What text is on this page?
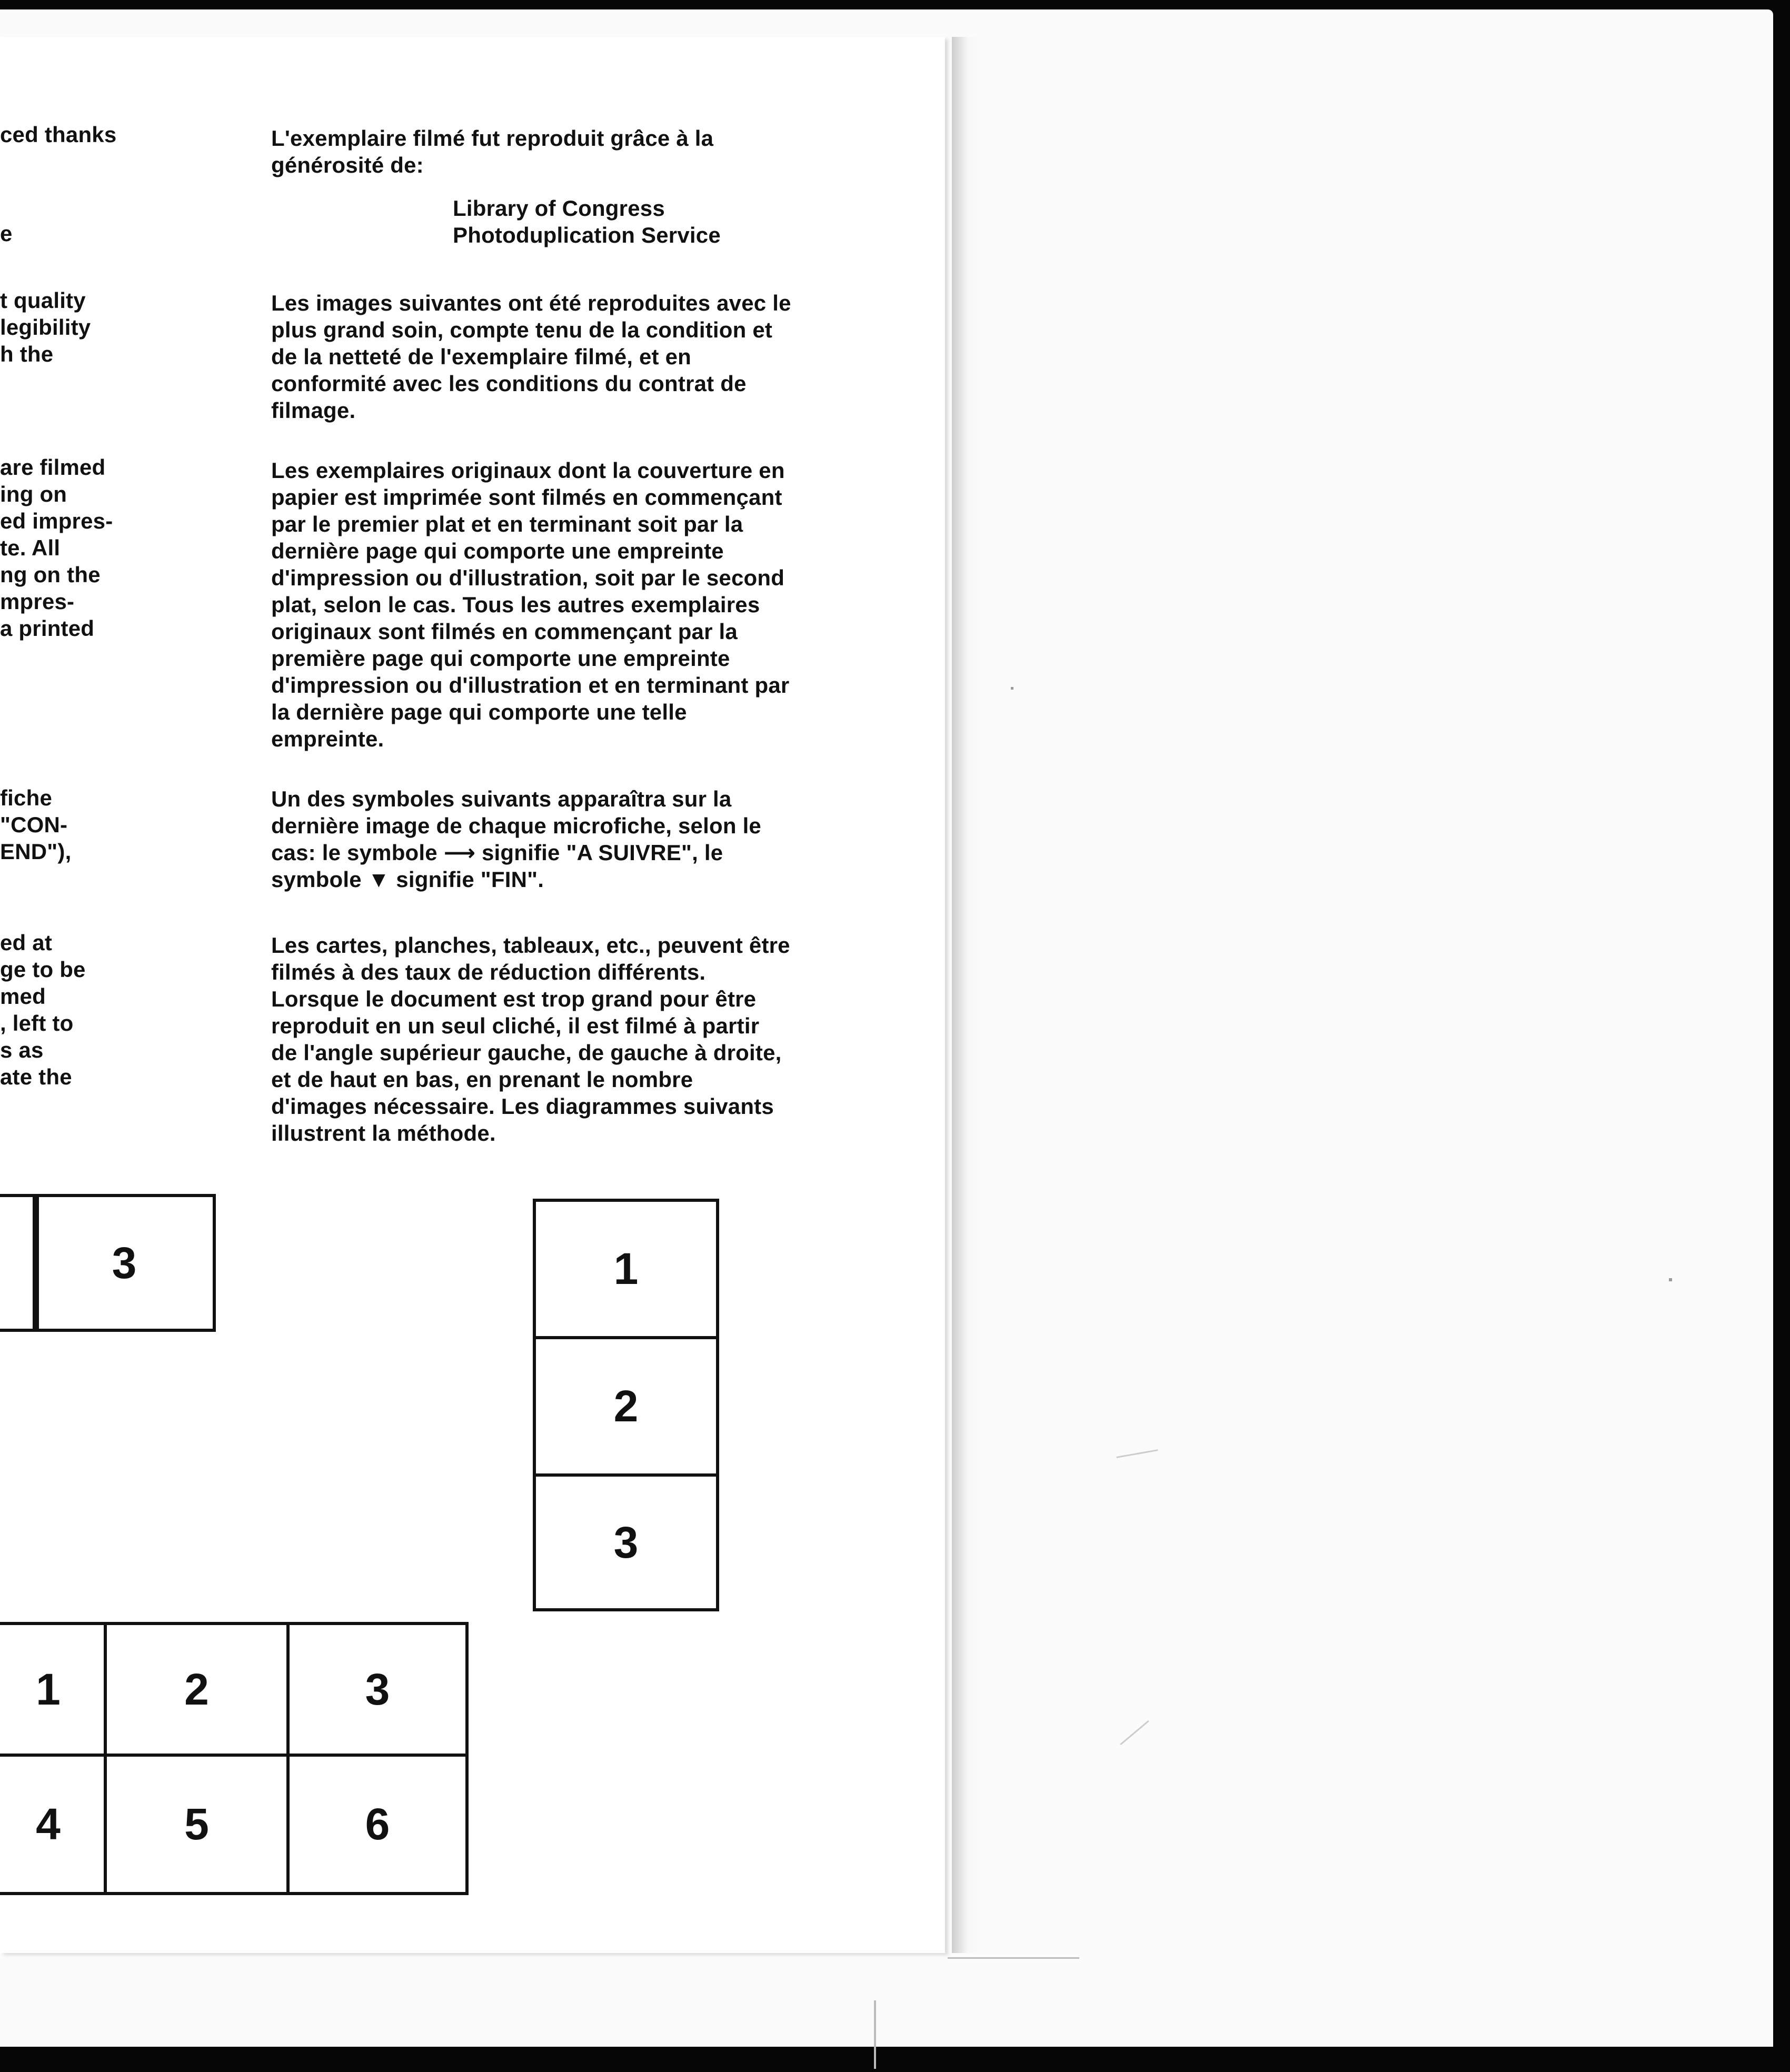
ced thanks
e
t quality
legibility
h the
are filmed
ing on
ed impres-
te. All
ng on the
mpres-
a printed
fiche
"CON-
END"),
ed at
ge to be
med
, left to
s as
ate the
L'exemplaire filmé fut reproduit grâce à la
générosité de:
Library of Congress
Photoduplication Service
Les images suivantes ont été reproduites avec le
plus grand soin, compte tenu de la condition et
de la netteté de l'exemplaire filmé, et en
conformité avec les conditions du contrat de
filmage.
Les exemplaires originaux dont la couverture en
papier est imprimée sont filmés en commençant
par le premier plat et en terminant soit par la
dernière page qui comporte une empreinte
d'impression ou d'illustration, soit par le second
plat, selon le cas. Tous les autres exemplaires
originaux sont filmés en commençant par la
première page qui comporte une empreinte
d'impression ou d'illustration et en terminant par
la dernière page qui comporte une telle
empreinte.
Un des symboles suivants apparaîtra sur la
dernière image de chaque microfiche, selon le
cas: le symbole ⟶ signifie "A SUIVRE", le
symbole ▼ signifie "FIN".
Les cartes, planches, tableaux, etc., peuvent être
filmés à des taux de réduction différents.
Lorsque le document est trop grand pour être
reproduit en un seul cliché, il est filmé à partir
de l'angle supérieur gauche, de gauche à droite,
et de haut en bas, en prenant le nombre
d'images nécessaire. Les diagrammes suivants
illustrent la méthode.
3	1
2
3
1	2	3
4	5	6
